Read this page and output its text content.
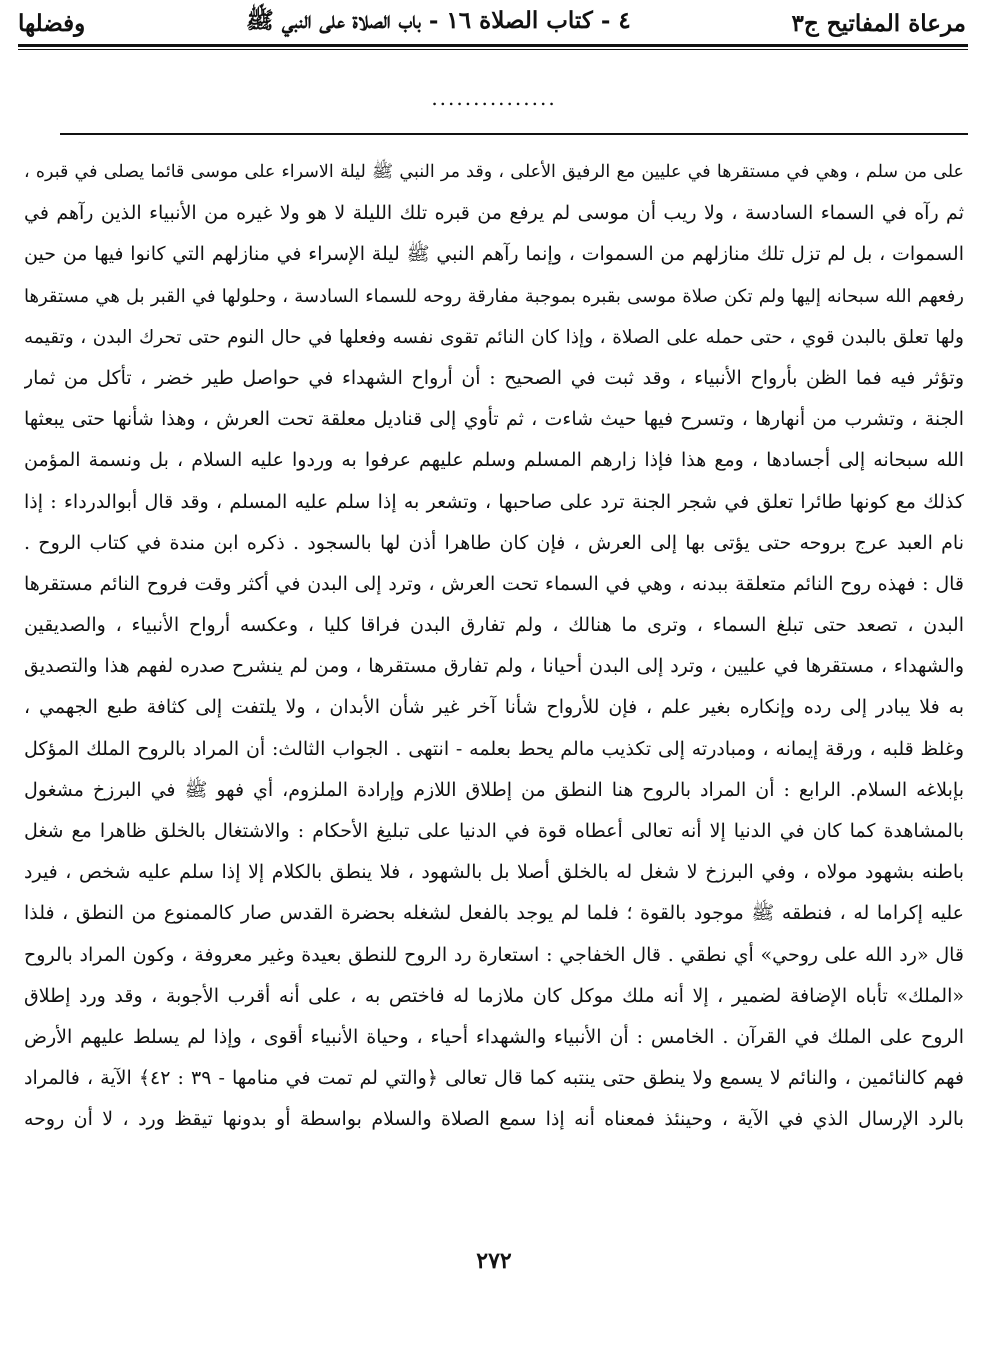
مرعاة المفاتيح ج٣
٤ - كتاب الصلاة ١٦ - باب الصلاة على النبي ﷺ
وفضلها
...............
على من سلم ، وهي في مستقرها في عليين مع الرفيق الأعلى ، وقد مر النبي ﷺ ليلة الاسراء على موسى قائما يصلى في قبره ،
ثم رآه في السماء السادسة ، ولا ريب أن موسى لم يرفع من قبره تلك الليلة لا هو ولا غيره من الأنبياء الذين رآهم في
السموات ، بل لم تزل تلك منازلهم من السموات ، وإنما رآهم النبي ﷺ ليلة الإسراء في منازلهم التي كانوا فيها من حين
رفعهم الله سبحانه إليها ولم تكن صلاة موسى بقبره بموجبة مفارقة روحه للسماء السادسة ، وحلولها في القبر بل هي مستقرها
ولها تعلق بالبدن قوي ، حتى حمله على الصلاة ، وإذا كان النائم تقوى نفسه وفعلها في حال النوم حتى تحرك البدن ، وتقيمه
وتؤثر فيه فما الظن بأرواح الأنبياء ، وقد ثبت في الصحيح : أن أرواح الشهداء في حواصل طير خضر ، تأكل من ثمار
الجنة ، وتشرب من أنهارها ، وتسرح فيها حيث شاءت ، ثم تأوي إلى قناديل معلقة تحت العرش ، وهذا شأنها حتى يبعثها
الله سبحانه إلى أجسادها ، ومع هذا فإذا زارهم المسلم وسلم عليهم عرفوا به وردوا عليه السلام ، بل ونسمة المؤمن
كذلك مع كونها طائرا تعلق في شجر الجنة ترد على صاحبها ، وتشعر به إذا سلم عليه المسلم ، وقد قال أبوالدرداء : إذا
نام العبد عرج بروحه حتى يؤتى بها إلى العرش ، فإن كان طاهرا أذن لها بالسجود . ذكره ابن مندة في كتاب الروح .
قال : فهذه روح النائم متعلقة ببدنه ، وهي في السماء تحت العرش ، وترد إلى البدن في أكثر وقت فروح النائم مستقرها
البدن ، تصعد حتى تبلغ السماء ، وترى ما هنالك ، ولم تفارق البدن فراقا كليا ، وعكسه أرواح الأنبياء ، والصديقين
والشهداء ، مستقرها في عليين ، وترد إلى البدن أحيانا ، ولم تفارق مستقرها ، ومن لم ينشرح صدره لفهم هذا والتصديق
به فلا يبادر إلى رده وإنكاره بغير علم ، فإن للأرواح شأنا آخر غير شأن الأبدان ، ولا يلتفت إلى كثافة طبع الجهمي ،
وغلظ قلبه ، ورقة إيمانه ، ومبادرته إلى تكذيب مالم يحط بعلمه - انتهى . الجواب الثالث: أن المراد بالروح الملك المؤكل
بإبلاغه السلام. الرابع : أن المراد بالروح هنا النطق من إطلاق اللازم وإرادة الملزوم، أي فهو ﷺ في البرزخ مشغول
بالمشاهدة كما كان في الدنيا إلا أنه تعالى أعطاه قوة في الدنيا على تبليغ الأحكام : والاشتغال بالخلق ظاهرا مع شغل
باطنه بشهود مولاه ، وفي البرزخ لا شغل له بالخلق أصلا بل بالشهود ، فلا ينطق بالكلام إلا إذا سلم عليه شخص ، فيرد
عليه إكراما له ، فنطقه ﷺ موجود بالقوة ؛ فلما لم يوجد بالفعل لشغله بحضرة القدس صار كالممنوع من النطق ، فلذا
قال «رد الله على روحي» أي نطقي . قال الخفاجي : استعارة رد الروح للنطق بعيدة وغير معروفة ، وكون المراد بالروح
«الملك» تأباه الإضافة لضمير ، إلا أنه ملك موكل كان ملازما له فاختص به ، على أنه أقرب الأجوبة ، وقد ورد إطلاق
الروح على الملك في القرآن . الخامس : أن الأنبياء والشهداء أحياء ، وحياة الأنبياء أقوى ، وإذا لم يسلط عليهم الأرض
فهم كالنائمين ، والنائم لا يسمع ولا ينطق حتى ينتبه كما قال تعالى ﴿والتي لم تمت في منامها - ٣٩ : ٤٢﴾ الآية ، فالمراد
بالرد الإرسال الذي في الآية ، وحينئذ فمعناه أنه إذا سمع الصلاة والسلام بواسطة أو بدونها تيقظ ورد ، لا أن روحه
٢٧٢
